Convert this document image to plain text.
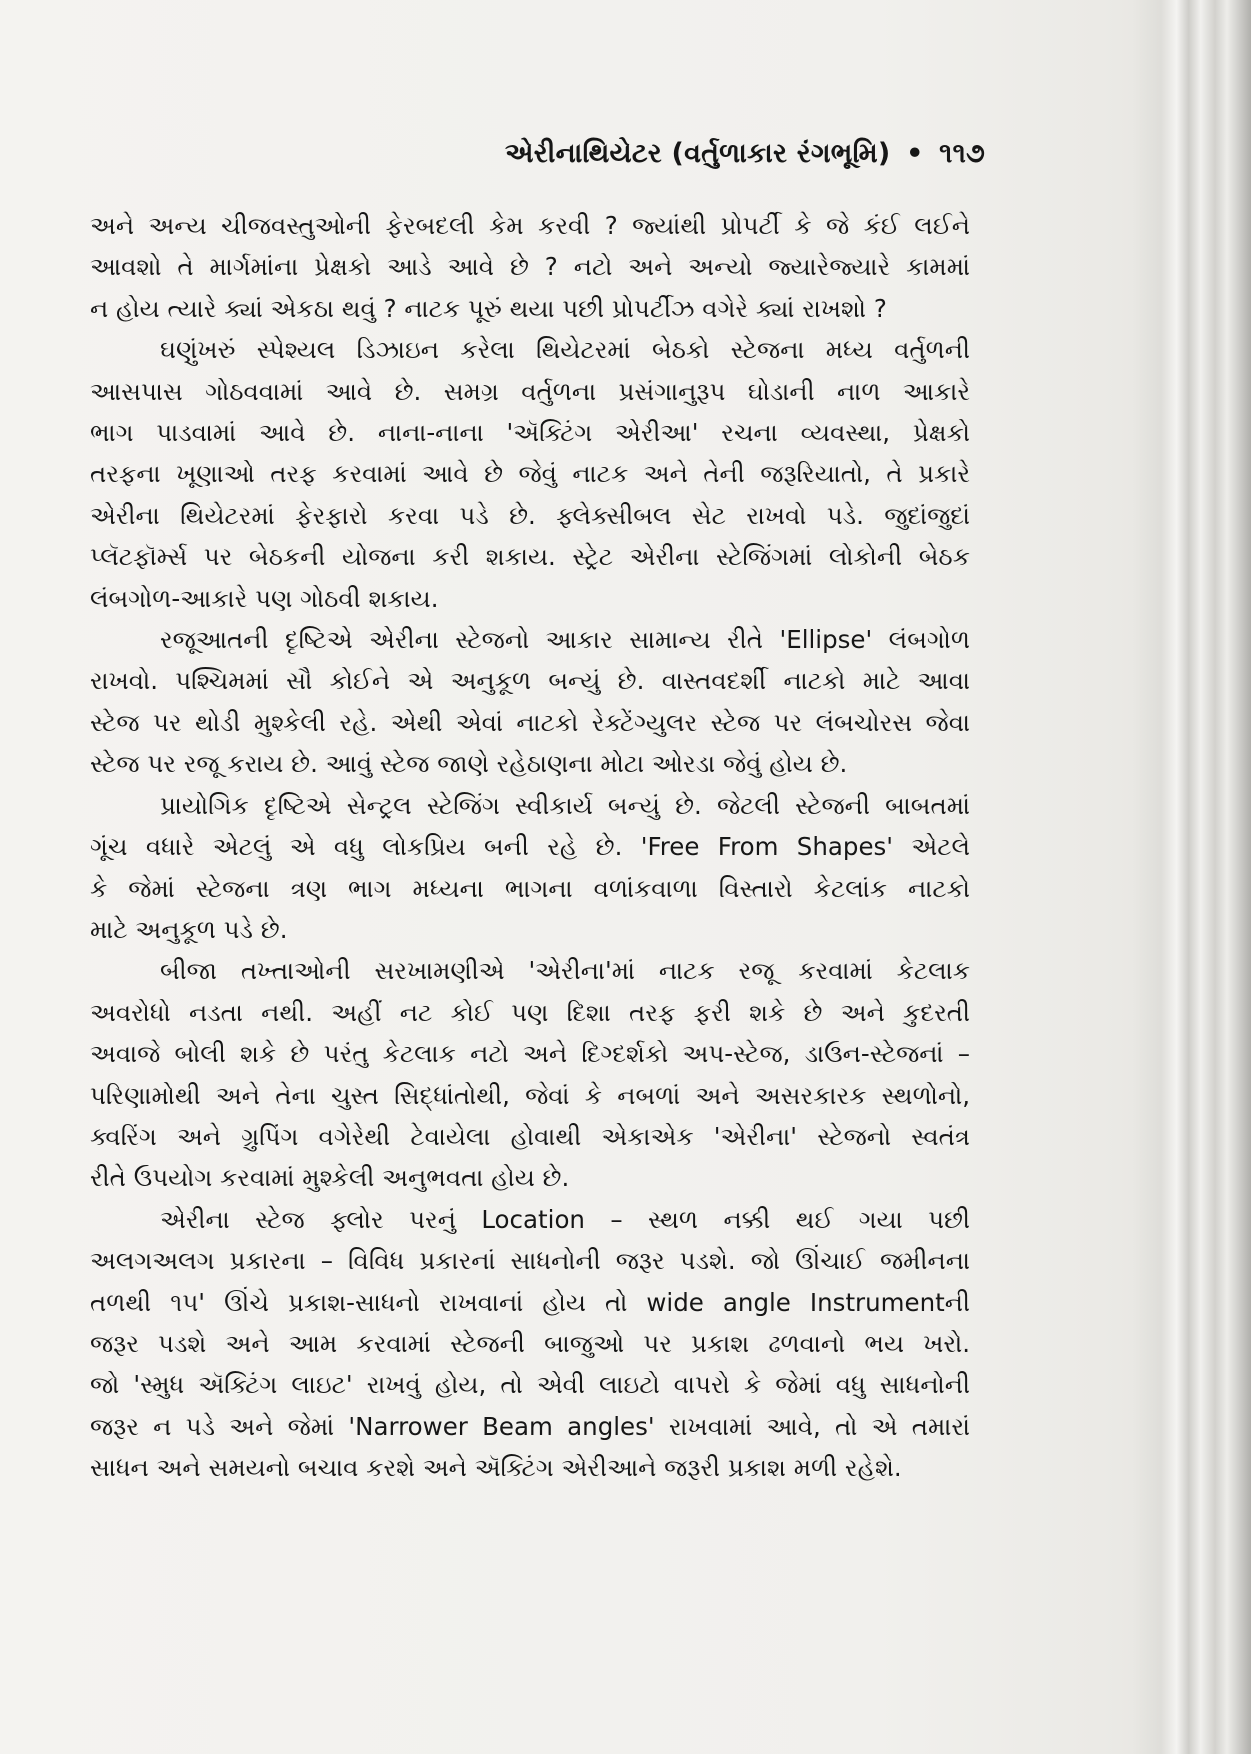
એરીનાથિયેટર (વર્તુળાકાર રંગભૂમિ) • ૧૧૭
અને અન્ય ચીજવસ્તુઓની ફેરબદલી કેમ કરવી ? જ્યાંથી પ્રોપર્ટી કે જે કંઈ લઈને
આવશો તે માર્ગમાંના પ્રેક્ષકો આડે આવે છે ? નટો અને અન્યો જ્યારેજ્યારે કામમાં
ન હોય ત્યારે ક્યાં એકઠા થવું ? નાટક પૂરું થયા પછી પ્રોપર્ટીઝ વગેરે ક્યાં રાખશો ?
ઘણુંખરું સ્પેશ્યલ ડિઝાઇન કરેલા થિયેટરમાં બેઠકો સ્ટેજના મધ્ય વર્તુળની
આસપાસ ગોઠવવામાં આવે છે. સમગ્ર વર્તુળના પ્રસંગાનુરૂપ ઘોડાની નાળ આકારે
ભાગ પાડવામાં આવે છે. નાના-નાના 'ઍક્ટિંગ એરીઆ' રચના વ્યવસ્થા, પ્રેક્ષકો
તરફના ખૂણાઓ તરફ કરવામાં આવે છે જેવું નાટક અને તેની જરૂરિયાતો, તે પ્રકારે
એરીના થિયેટરમાં ફેરફારો કરવા પડે છે. ફ્લેક્સીબલ સેટ રાખવો પડે. જુદાંજુદાં
પ્લૅટફૉર્મ્સ પર બેઠકની યોજના કરી શકાય. સ્ટ્રેટ એરીના સ્ટેજિંગમાં લોકોની બેઠક
લંબગોળ-આકારે પણ ગોઠવી શકાય.
રજૂઆતની દૃષ્ટિએ એરીના સ્ટેજનો આકાર સામાન્ય રીતે 'Ellipse' લંબગોળ
રાખવો. પશ્ચિમમાં સૌ કોઈને એ અનુકૂળ બન્યું છે. વાસ્તવદર્શી નાટકો માટે આવા
સ્ટેજ પર થોડી મુશ્કેલી રહે. એથી એવાં નાટકો રેક્ટેંગ્યુલર સ્ટેજ પર લંબચોરસ જેવા
સ્ટેજ પર રજૂ કરાય છે. આવું સ્ટેજ જાણે રહેઠાણના મોટા ઓરડા જેવું હોય છે.
પ્રાયોગિક દૃષ્ટિએ સેન્ટ્રલ સ્ટેજિંગ સ્વીકાર્ય બન્યું છે. જેટલી સ્ટેજની બાબતમાં
ગૂંચ વધારે એટલું એ વધુ લોકપ્રિય બની રહે છે. 'Free From Shapes' એટલે
કે જેમાં સ્ટેજના ત્રણ ભાગ મધ્યના ભાગના વળાંકવાળા વિસ્તારો કેટલાંક નાટકો
માટે અનુકૂળ પડે છે.
બીજા તખ્તાઓની સરખામણીએ 'એરીના'માં નાટક રજૂ કરવામાં કેટલાક
અવરોધો નડતા નથી. અહીં નટ કોઈ પણ દિશા તરફ ફરી શકે છે અને કુદરતી
અવાજે બોલી શકે છે પરંતુ કેટલાક નટો અને દિગ્દર્શકો અપ-સ્ટેજ, ડાઉન-સ્ટેજનાં –
પરિણામોથી અને તેના ચુસ્ત સિદ્ધાંતોથી, જેવાં કે નબળાં અને અસરકારક સ્થળોનો,
ક્વરિંગ અને ગ્રુપિંગ વગેરેથી ટેવાયેલા હોવાથી એકાએક 'એરીના' સ્ટેજનો સ્વતંત્ર
રીતે ઉપયોગ કરવામાં મુશ્કેલી અનુભવતા હોય છે.
એરીના સ્ટેજ ફ્લોર પરનું Location – સ્થળ નક્કી થઈ ગયા પછી
અલગઅલગ પ્રકારના – વિવિધ પ્રકારનાં સાધનોની જરૂર પડશે. જો ઊંચાઈ જમીનના
તળથી ૧૫' ઊંચે પ્રકાશ-સાધનો રાખવાનાં હોય તો wide angle Instrumentની
જરૂર પડશે અને આમ કરવામાં સ્ટેજની બાજુઓ પર પ્રકાશ ઢળવાનો ભય ખરો.
જો 'સ્મુધ ઍક્ટિંગ લાઇટ' રાખવું હોય, તો એવી લાઇટો વાપરો કે જેમાં વધુ સાધનોની
જરૂર ન પડે અને જેમાં 'Narrower Beam angles' રાખવામાં આવે, તો એ તમારાં
સાધન અને સમયનો બચાવ કરશે અને ઍક્ટિંગ એરીઆને જરૂરી પ્રકાશ મળી રહેશે.
